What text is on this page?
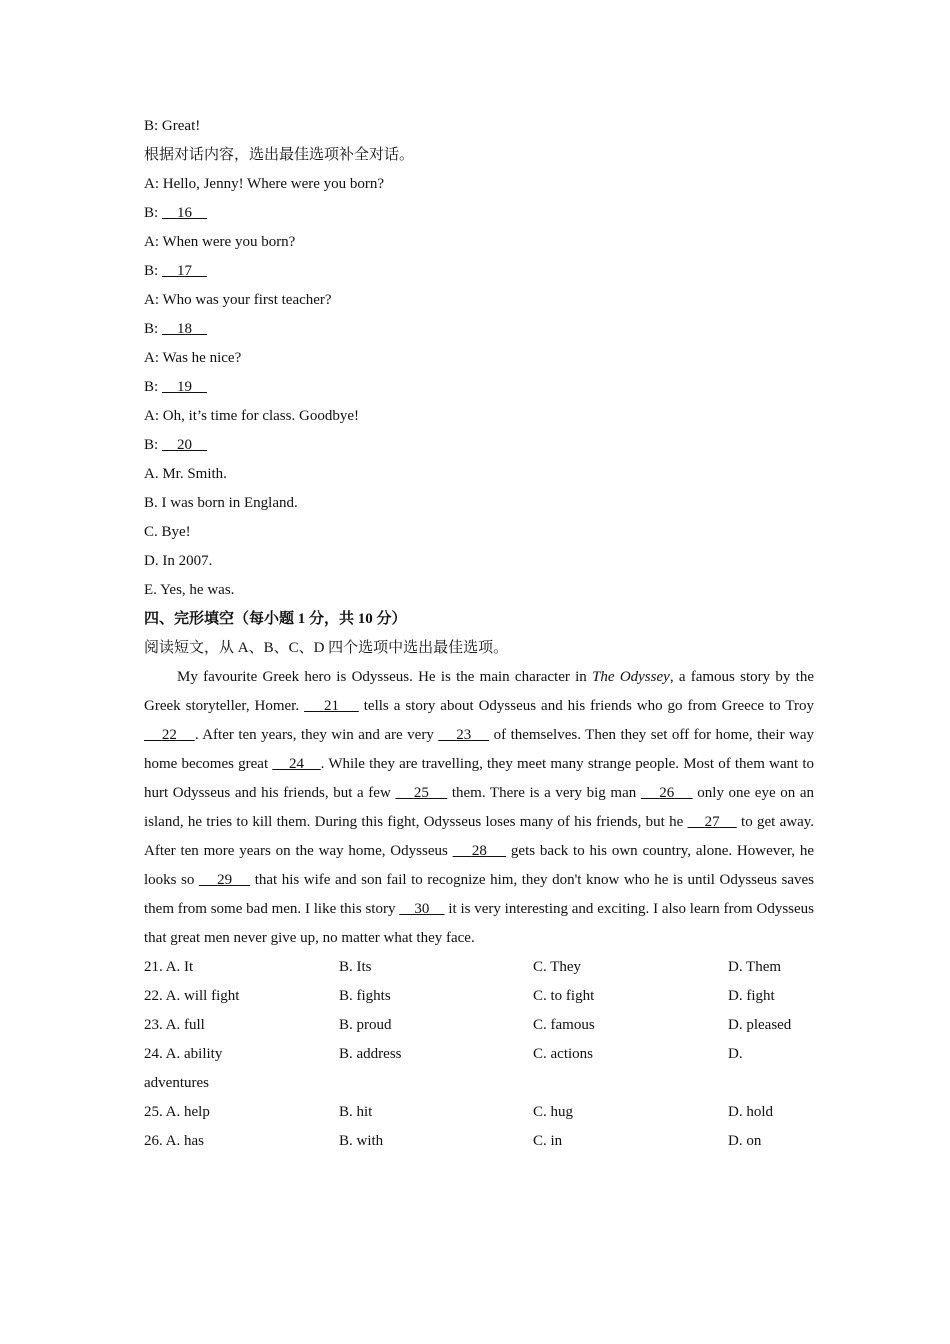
B: Great!
根据对话内容，选出最佳选项补全对话。
A: Hello, Jenny! Where were you born?
B: 16
A: When were you born?
B: 17
A: Who was your first teacher?
B: 18
A: Was he nice?
B: 19
A: Oh, it’s time for class. Goodbye!
B: 20
A. Mr. Smith.
B. I was born in England.
C. Bye!
D. In 2007.
E. Yes, he was.
四、完形填空（每小题 1 分，共 10 分）
阅读短文，从 A、B、C、D 四个选项中选出最佳选项。
My favourite Greek hero is Odysseus. He is the main character in The Odyssey, a famous story by the Greek storyteller, Homer.     21     tells a story about Odysseus and his friends who go from Greece to Troy     22 . After ten years, they win and are very     23     of themselves. Then they set off for home, their way home becomes great     24 . While they are travelling, they meet many strange people. Most of them want to hurt Odysseus and his friends, but a few     25     them. There is a very big man     26     only one eye on an island, he tries to kill them. During this fight, Odysseus loses many of his friends, but he     27     to get away. After ten more years on the way home, Odysseus     28     gets back to his own country, alone. However, he looks so     29     that his wife and son fail to recognize him, they don't know who he is until Odysseus saves them from some bad men. I like this story     30     it is very interesting and exciting. I also learn from Odysseus that great men never give up, no matter what they face.
21. A. It	B. Its	C. They	D. Them
22. A. will fight	B. fights	C. to fight	D. fight
23. A. full	B. proud	C. famous	D. pleased
24. A. ability	B. address	C. actions	D.
adventures
25. A. help	B. hit	C. hug	D. hold
26. A. has	B. with	C. in	D. on
